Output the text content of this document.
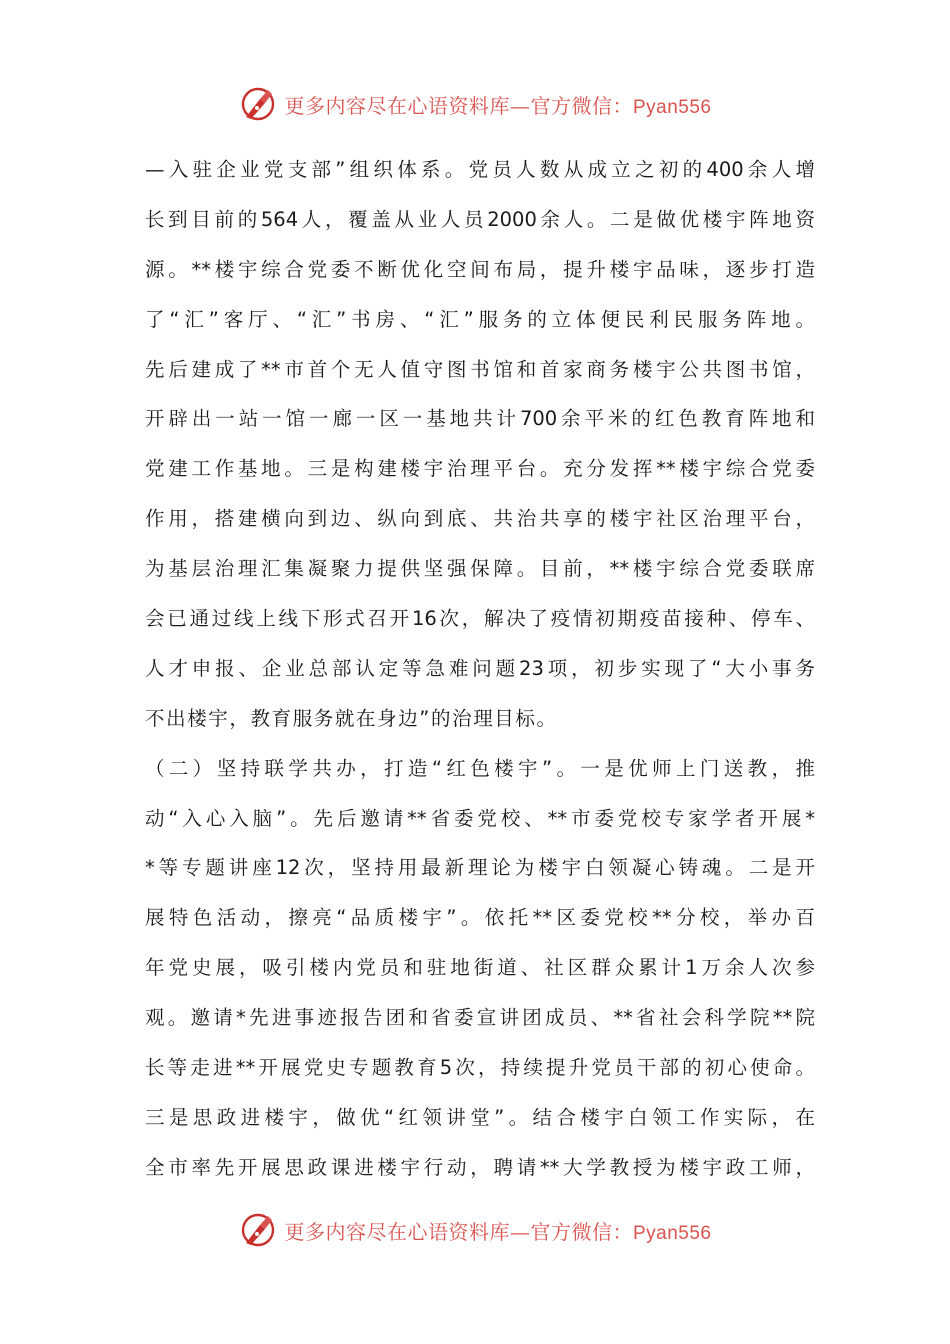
更多内容尽在心语资料库—官方微信：Pyan556
—入驻企业党支部”组织体系。党员人数从成立之初的400余人增
长到目前的564人，覆盖从业人员2000余人。二是做优楼宇阵地资
源。**楼宇综合党委不断优化空间布局，提升楼宇品味，逐步打造
了“汇”客厅、“汇”书房、“汇”服务的立体便民利民服务阵地。
先后建成了**市首个无人值守图书馆和首家商务楼宇公共图书馆，
开辟出一站一馆一廊一区一基地共计700余平米的红色教育阵地和
党建工作基地。三是构建楼宇治理平台。充分发挥**楼宇综合党委
作用，搭建横向到边、纵向到底、共治共享的楼宇社区治理平台，
为基层治理汇集凝聚力提供坚强保障。目前，**楼宇综合党委联席
会已通过线上线下形式召开16次，解决了疫情初期疫苗接种、停车、
人才申报、企业总部认定等急难问题23项，初步实现了“大小事务
不出楼宇，教育服务就在身边”的治理目标。
（二）坚持联学共办，打造“红色楼宇”。一是优师上门送教，推
动“入心入脑”。先后邀请**省委党校、**市委党校专家学者开展*
*等专题讲座12次，坚持用最新理论为楼宇白领凝心铸魂。二是开
展特色活动，擦亮“品质楼宇”。依托**区委党校**分校，举办百
年党史展，吸引楼内党员和驻地街道、社区群众累计1万余人次参
观。邀请*先进事迹报告团和省委宣讲团成员、**省社会科学院**院
长等走进**开展党史专题教育5次，持续提升党员干部的初心使命。
三是思政进楼宇，做优“红领讲堂”。结合楼宇白领工作实际，在
全市率先开展思政课进楼宇行动，聘请**大学教授为楼宇政工师，
更多内容尽在心语资料库—官方微信：Pyan556
